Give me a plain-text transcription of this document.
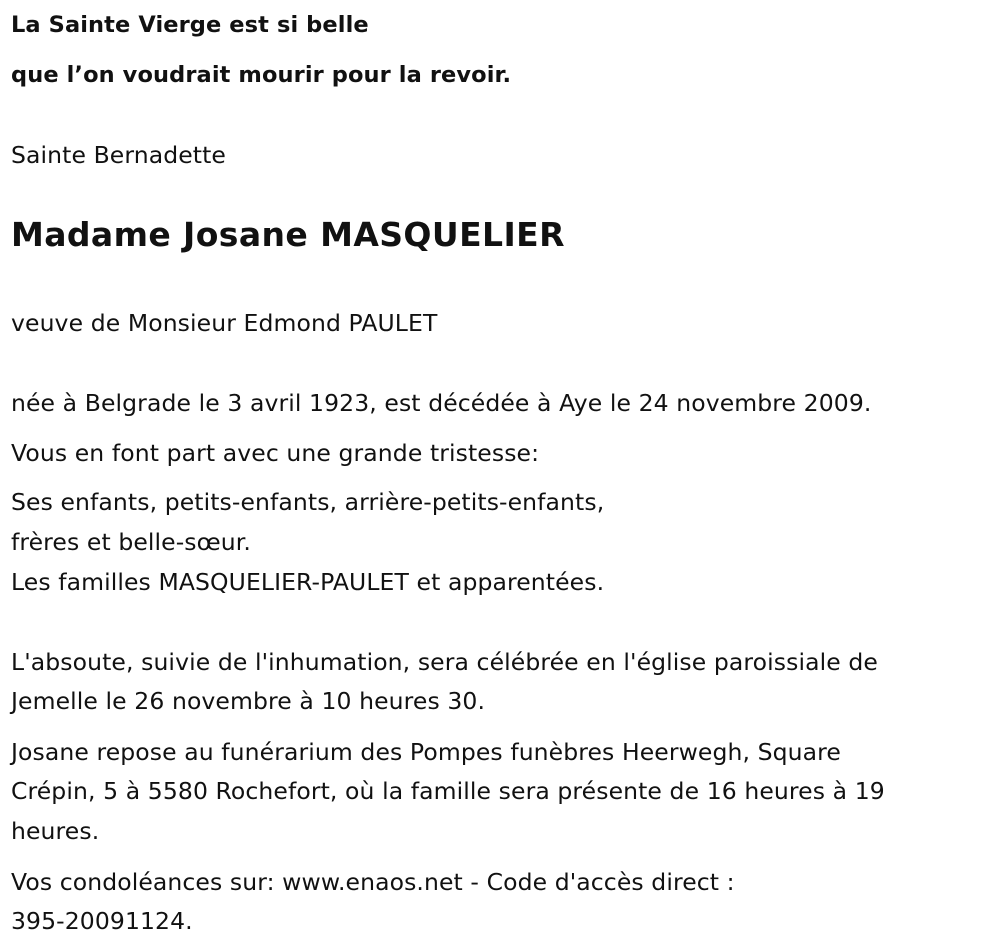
La Sainte Vierge est si belle
que l’on voudrait mourir pour la revoir.
Sainte Bernadette
Madame Josane MASQUELIER
veuve de Monsieur Edmond PAULET
née à Belgrade le 3 avril 1923, est décédée à Aye le 24 novembre 2009.
Vous en font part avec une grande tristesse:
Ses enfants, petits-enfants, arrière-petits-enfants,
frères et belle-sœur.
Les familles MASQUELIER-PAULET et apparentées.
L'absoute, suivie de l'inhumation, sera célébrée en l'église paroissiale de
Jemelle le 26 novembre à 10 heures 30.
Josane repose au funérarium des Pompes funèbres Heerwegh, Square
Crépin, 5 à 5580 Rochefort, où la famille sera présente de 16 heures à 19
heures.
Vos condoléances sur: www.enaos.net - Code d'accès direct :
395-20091124.
